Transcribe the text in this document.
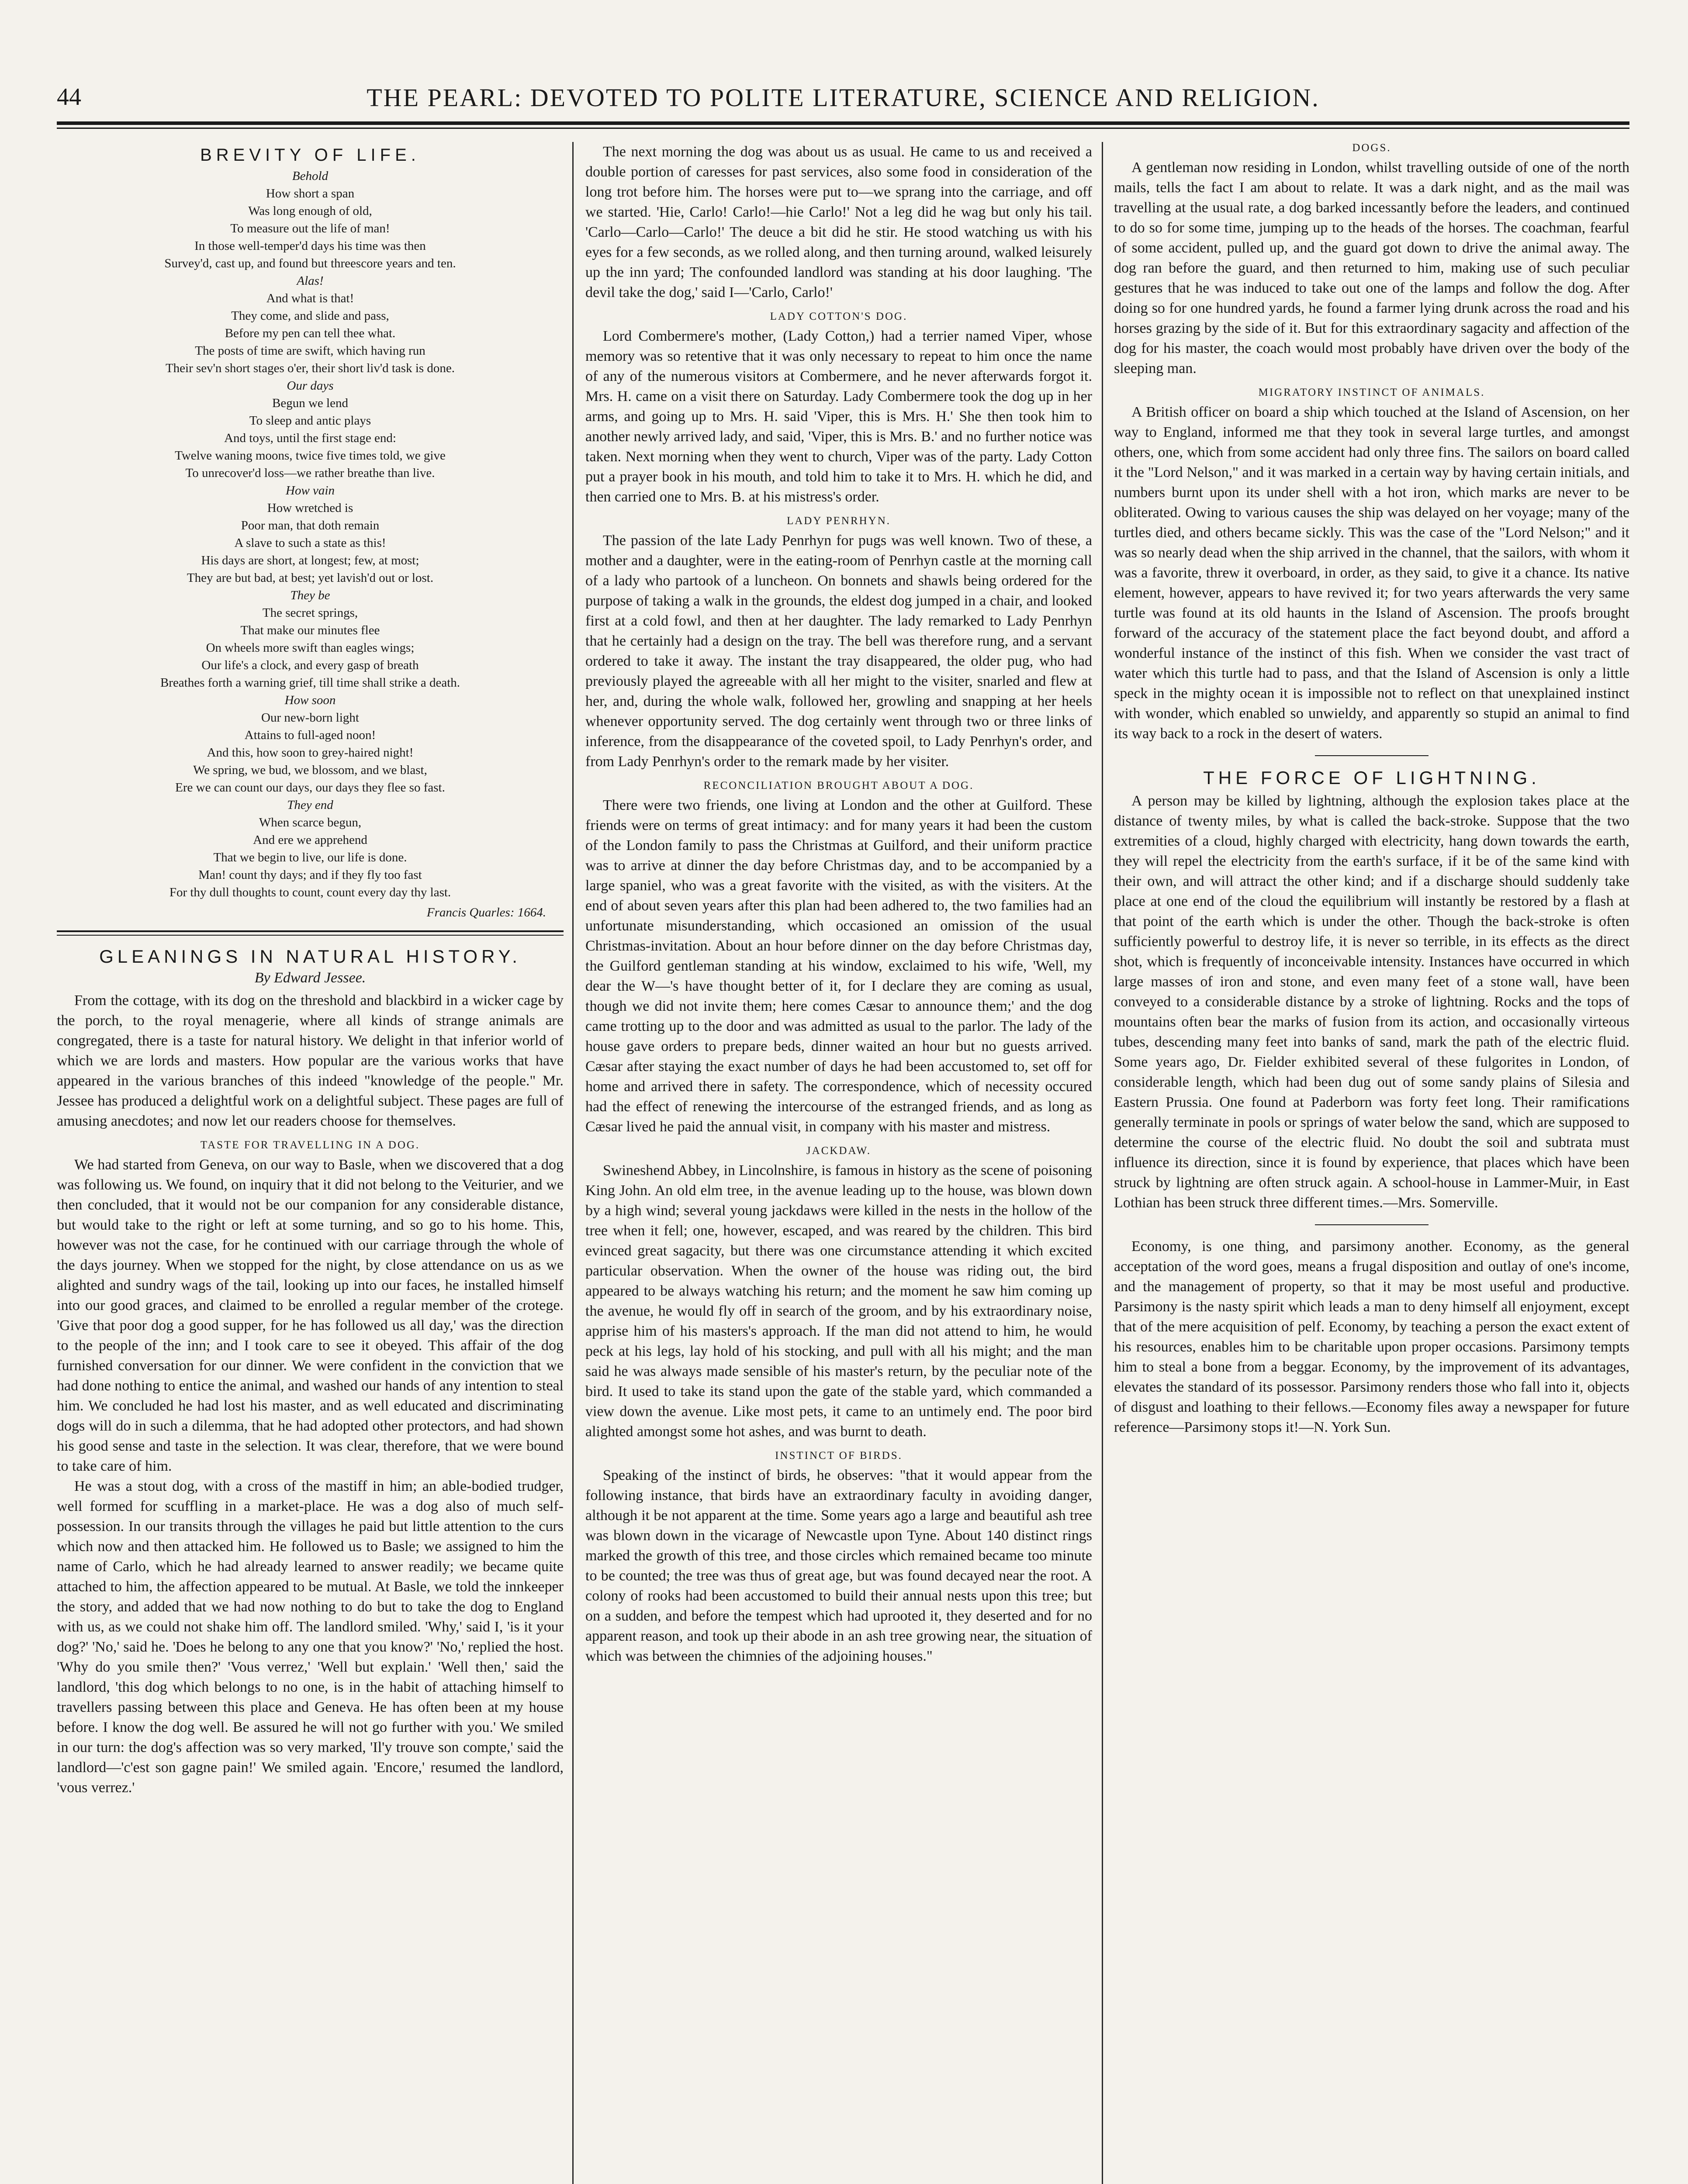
44	THE PEARL: DEVOTED TO POLITE LITERATURE, SCIENCE AND RELIGION.
BREVITY OF LIFE.
Behold
How short a span
Was long enough of old,
To measure out the life of man!
In those well-temper'd days his time was then
Survey'd, cast up, and found but threescore years and ten.
Alas!
And what is that!
They come, and slide and pass,
Before my pen can tell thee what.
The posts of time are swift, which having run
Their sev'n short stages o'er, their short liv'd task is done.
Our days
Begun we lend
To sleep and antic plays
And toys, until the first stage end:
Twelve waning moons, twice five times told, we give
To unrecover'd loss—we rather breathe than live.
How vain
How wretched is
Poor man, that doth remain
A slave to such a state as this!
His days are short, at longest; few, at most;
They are but bad, at best; yet lavish'd out or lost.
They be
The secret springs,
That make our minutes flee
On wheels more swift than eagles wings;
Our life's a clock, and every gasp of breath
Breathes forth a warning grief, till time shall strike a death.
How soon
Our new-born light
Attains to full-aged noon!
And this, how soon to grey-haired night!
We spring, we bud, we blossom, and we blast,
Ere we can count our days, our days they flee so fast.
They end
When scarce begun,
And ere we apprehend
That we begin to live, our life is done.
Man! count thy days; and if they fly too fast
For thy dull thoughts to count, count every day thy last.
Francis Quarles: 1664.
GLEANINGS IN NATURAL HISTORY.
By Edward Jessee.

From the cottage, with its dog on the threshold and blackbird in a wicker cage by the porch, to the royal menagerie, where all kinds of strange animals are congregated, there is a taste for natural history. We delight in that inferior world of which we are lords and masters. How popular are the various works that have appeared in the various branches of this indeed "knowledge of the people." Mr. Jessee has produced a delightful work on a delightful subject. These pages are full of amusing anecdotes; and now let our readers choose for themselves.

TASTE FOR TRAVELLING IN A DOG.

We had started from Geneva, on our way to Basle, when we discovered that a dog was following us. We found, on inquiry that it did not belong to the Veiturier, and we then concluded, that it would not be our companion for any considerable distance, but would take to the right or left at some turning, and so go to his home. This, however was not the case, for he continued with our carriage through the whole of the days journey. When we stopped for the night, by close attendance on us as we alighted and sundry wags of the tail, looking up into our faces, he installed himself into our good graces, and claimed to be enrolled a regular member of the crotege. 'Give that poor dog a good supper, for he has followed us all day,' was the direction to the people of the inn; and I took care to see it obeyed. This affair of the dog furnished conversation for our dinner. We were confident in the conviction that we had done nothing to entice the animal, and washed our hands of any intention to steal him. We concluded he had lost his master, and as well educated and discriminating dogs will do in such a dilemma, that he had adopted other protectors, and had shown his good sense and taste in the selection. It was clear, therefore, that we were bound to take care of him.

He was a stout dog, with a cross of the mastiff in him; an able-bodied trudger, well formed for scuffling in a market-place. He was a dog also of much self-possession. In our transits through the villages he paid but little attention to the curs which now and then attacked him. He followed us to Basle; we assigned to him the name of Carlo, which he had already learned to answer readily; we became quite attached to him, the affection appeared to be mutual. At Basle, we told the innkeeper the story, and added that we had now nothing to do but to take the dog to England with us, as we could not shake him off. The landlord smiled. 'Why,' said I, 'is it your dog?' 'No,' said he. 'Does he belong to any one that you know?' 'No,' replied the host. 'Why do you smile then?' 'Vous verrez,' 'Well but explain.' 'Well then,' said the landlord, 'this dog which belongs to no one, is in the habit of attaching himself to travellers passing between this place and Geneva. He has often been at my house before. I know the dog well. Be assured he will not go further with you.' We smiled in our turn: the dog's affection was so very marked, 'Il'y trouve son compte,' said the landlord—'c'est son gagne pain!' We smiled again. 'Encore,' resumed the landlord, 'vous verrez.'

The next morning the dog was about us as usual. He came to us and received a double portion of caresses for past services, also some food in consideration of the long trot before him. The horses were put to—we sprang into the carriage, and off we started. 'Hie, Carlo! Carlo!—hie Carlo!' Not a leg did he wag but only his tail. 'Carlo—Carlo—Carlo!' The deuce a bit did he stir. He stood watching us with his eyes for a few seconds, as we rolled along, and then turning around, walked leisurely up the inn yard; The confounded landlord was standing at his door laughing. 'The devil take the dog,' said I—'Carlo, Carlo!'

LADY COTTON'S DOG.

Lord Combermere's mother, (Lady Cotton,) had a terrier named Viper, whose memory was so retentive that it was only necessary to repeat to him once the name of any of the numerous visitors at Combermere, and he never afterwards forgot it. Mrs. H. came on a visit there on Saturday. Lady Combermere took the dog up in her arms, and going up to Mrs. H. said 'Viper, this is Mrs. H.' She then took him to another newly arrived lady, and said, 'Viper, this is Mrs. B.' and no further notice was taken. Next morning when they went to church, Viper was of the party. Lady Cotton put a prayer book in his mouth, and told him to take it to Mrs. H. which he did, and then carried one to Mrs. B. at his mistress's order.

LADY PENRHYN.

The passion of the late Lady Penrhyn for pugs was well known. Two of these, a mother and a daughter, were in the eating-room of Penrhyn castle at the morning call of a lady who partook of a luncheon. On bonnets and shawls being ordered for the purpose of taking a walk in the grounds, the eldest dog jumped in a chair, and looked first at a cold fowl, and then at her daughter. The lady remarked to Lady Penrhyn that he certainly had a design on the tray. The bell was therefore rung, and a servant ordered to take it away. The instant the tray disappeared, the older pug, who had previously played the agreeable with all her might to the visiter, snarled and flew at her, and, during the whole walk, followed her, growling and snapping at her heels whenever opportunity served. The dog certainly went through two or three links of inference, from the disappearance of the coveted spoil, to Lady Penrhyn's order, and from Lady Penrhyn's order to the remark made by her visiter.

RECONCILIATION BROUGHT ABOUT A DOG.

There were two friends, one living at London and the other at Guilford. These friends were on terms of great intimacy: and for many years it had been the custom of the London family to pass the Christmas at Guilford, and their uniform practice was to arrive at dinner the day before Christmas day, and to be accompanied by a large spaniel, who was a great favorite with the visited, as with the visiters. At the end of about seven years after this plan had been adhered to, the two families had an unfortunate misunderstanding, which occasioned an omission of the usual Christmas-invitation. About an hour before dinner on the day before Christmas day, the Guilford gentleman standing at his window, exclaimed to his wife, 'Well, my dear the W—'s have thought better of it, for I declare they are coming as usual, though we did not invite them; here comes Cæsar to announce them;' and the dog came trotting up to the door and was admitted as usual to the parlor. The lady of the house gave orders to prepare beds, dinner waited an hour but no guests arrived. Cæsar after staying the exact number of days he had been accustomed to, set off for home and arrived there in safety. The correspondence, which of necessity occured had the effect of renewing the intercourse of the estranged friends, and as long as Cæsar lived he paid the annual visit, in company with his master and mistress.

JACKDAW.

Swineshend Abbey, in Lincolnshire, is famous in history as the scene of poisoning King John. An old elm tree, in the avenue leading up to the house, was blown down by a high wind; several young jackdaws were killed in the nests in the hollow of the tree when it fell; one, however, escaped, and was reared by the children. This bird evinced great sagacity, but there was one circumstance attending it which excited particular observation. When the owner of the house was riding out, the bird appeared to be always watching his return; and the moment he saw him coming up the avenue, he would fly off in search of the groom, and by his extraordinary noise, apprise him of his masters's approach. If the man did not attend to him, he would peck at his legs, lay hold of his stocking, and pull with all his might; and the man said he was always made sensible of his master's return, by the peculiar note of the bird. It used to take its stand upon the gate of the stable yard, which commanded a view down the avenue. Like most pets, it came to an untimely end. The poor bird alighted amongst some hot ashes, and was burnt to death.

INSTINCT OF BIRDS.

Speaking of the instinct of birds, he observes: "that it would appear from the following instance, that birds have an extraordinary faculty in avoiding danger, although it be not apparent at the time. Some years ago a large and beautiful ash tree was blown down in the vicarage of Newcastle upon Tyne. About 140 distinct rings marked the growth of this tree, and those circles which remained became too minute to be counted; the tree was thus of great age, but was found decayed near the root. A colony of rooks had been accustomed to build their annual nests upon this tree; but on a sudden, and before the tempest which had uprooted it, they deserted and for no apparent reason, and took up their abode in an ash tree growing near, the situation of which was between the chimnies of the adjoining houses."

DOGS.

A gentleman now residing in London, whilst travelling outside of one of the north mails, tells the fact I am about to relate. It was a dark night, and as the mail was travelling at the usual rate, a dog barked incessantly before the leaders, and continued to do so for some time, jumping up to the heads of the horses. The coachman, fearful of some accident, pulled up, and the guard got down to drive the animal away. The dog ran before the guard, and then returned to him, making use of such peculiar gestures that he was induced to take out one of the lamps and follow the dog. After doing so for one hundred yards, he found a farmer lying drunk across the road and his horses grazing by the side of it. But for this extraordinary sagacity and affection of the dog for his master, the coach would most probably have driven over the body of the sleeping man.

MIGRATORY INSTINCT OF ANIMALS.

A British officer on board a ship which touched at the Island of Ascension, on her way to England, informed me that they took in several large turtles, and amongst others, one, which from some accident had only three fins. The sailors on board called it the "Lord Nelson," and it was marked in a certain way by having certain initials, and numbers burnt upon its under shell with a hot iron, which marks are never to be obliterated. Owing to various causes the ship was delayed on her voyage; many of the turtles died, and others became sickly. This was the case of the "Lord Nelson;" and it was so nearly dead when the ship arrived in the channel, that the sailors, with whom it was a favorite, threw it overboard, in order, as they said, to give it a chance. Its native element, however, appears to have revived it; for two years afterwards the very same turtle was found at its old haunts in the Island of Ascension. The proofs brought forward of the accuracy of the statement place the fact beyond doubt, and afford a wonderful instance of the instinct of this fish. When we consider the vast tract of water which this turtle had to pass, and that the Island of Ascension is only a little speck in the mighty ocean it is impossible not to reflect on that unexplained instinct with wonder, which enabled so unwieldy, and apparently so stupid an animal to find its way back to a rock in the desert of waters.

THE FORCE OF LIGHTNING.

A person may be killed by lightning, although the explosion takes place at the distance of twenty miles, by what is called the back-stroke. Suppose that the two extremities of a cloud, highly charged with electricity, hang down towards the earth, they will repel the electricity from the earth's surface, if it be of the same kind with their own, and will attract the other kind; and if a discharge should suddenly take place at one end of the cloud the equilibrium will instantly be restored by a flash at that point of the earth which is under the other. Though the back-stroke is often sufficiently powerful to destroy life, it is never so terrible, in its effects as the direct shot, which is frequently of inconceivable intensity. Instances have occurred in which large masses of iron and stone, and even many feet of a stone wall, have been conveyed to a considerable distance by a stroke of lightning. Rocks and the tops of mountains often bear the marks of fusion from its action, and occasionally virteous tubes, descending many feet into banks of sand, mark the path of the electric fluid. Some years ago, Dr. Fielder exhibited several of these fulgorites in London, of considerable length, which had been dug out of some sandy plains of Silesia and Eastern Prussia. One found at Paderborn was forty feet long. Their ramifications generally terminate in pools or springs of water below the sand, which are supposed to determine the course of the electric fluid. No doubt the soil and subtrata must influence its direction, since it is found by experience, that places which have been struck by lightning are often struck again. A school-house in Lammer-Muir, in East Lothian has been struck three different times.—Mrs. Somerville.

Economy, is one thing, and parsimony another. Economy, as the general acceptation of the word goes, means a frugal disposition and outlay of one's income, and the management of property, so that it may be most useful and productive. Parsimony is the nasty spirit which leads a man to deny himself all enjoyment, except that of the mere acquisition of pelf. Economy, by teaching a person the exact extent of his resources, enables him to be charitable upon proper occasions. Parsimony tempts him to steal a bone from a beggar. Economy, by the improvement of its advantages, elevates the standard of its possessor. Parsimony renders those who fall into it, objects of disgust and loathing to their fellows.—Economy files away a newspaper for future reference—Parsimony stops it!—N. York Sun.
